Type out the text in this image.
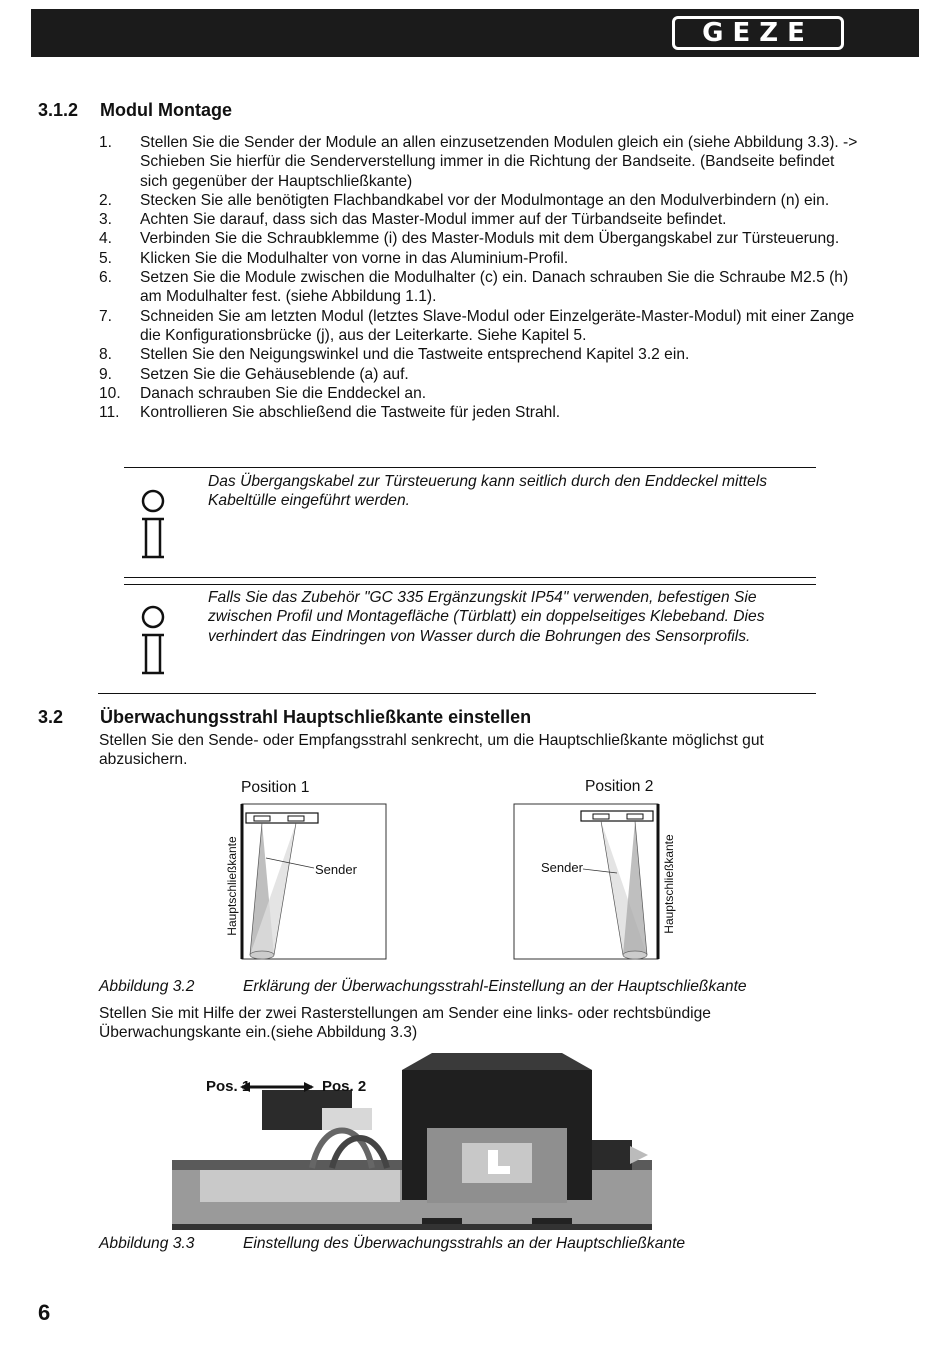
GEZE
3.1.2 Modul Montage
1. Stellen Sie die Sender der Module an allen einzusetzenden Modulen gleich ein (siehe Abbildung 3.3). -> Schieben Sie hierfür die Senderverstellung immer in die Richtung der Bandseite. (Bandseite befindet sich gegenüber der Hauptschließkante)
2. Stecken Sie alle benötigten Flachbandkabel vor der Modulmontage an den Modulverbindern (n) ein.
3. Achten Sie darauf, dass sich das Master-Modul immer auf der Türbandseite befindet.
4. Verbinden Sie die Schraubklemme (i) des Master-Moduls mit dem Übergangskabel zur Türsteuerung.
5. Klicken Sie die Modulhalter von vorne in das Aluminium-Profil.
6. Setzen Sie die Module zwischen die Modulhalter (c) ein. Danach schrauben Sie die Schraube M2.5 (h) am Modulhalter fest. (siehe Abbildung 1.1).
7. Schneiden Sie am letzten Modul (letztes Slave-Modul oder Einzelgeräte-Master-Modul) mit einer Zange die Konfigurationsbrücke (j), aus der Leiterkarte. Siehe Kapitel 5.
8. Stellen Sie den Neigungswinkel und die Tastweite entsprechend Kapitel 3.2 ein.
9. Setzen Sie die Gehäuseblende (a) auf.
10. Danach schrauben Sie die Enddeckel an.
11. Kontrollieren Sie abschließend die Tastweite für jeden Strahl.
Das Übergangskabel zur Türsteuerung kann seitlich durch den Enddeckel mittels Kabeltülle eingeführt werden.
Falls Sie das Zubehör "GC 335 Ergänzungskit IP54" verwenden, befestigen Sie zwischen Profil und Montagefläche (Türblatt) ein doppelseitiges Klebeband. Dies verhindert das Eindringen von Wasser durch die Bohrungen des Sensorprofils.
3.2 Überwachungsstrahl Hauptschließkante einstellen
Stellen Sie den Sende- oder Empfangsstrahl senkrecht, um die Hauptschließkante möglichst gut abzusichern.
Position 1	Position 2
Sender
Hauptschließkante	Sender	Hauptschließkante
Abbildung 3.2	Erklärung der Überwachungsstrahl-Einstellung an der Hauptschließkante
Stellen Sie mit Hilfe der zwei Rasterstellungen am Sender eine links- oder rechtsbündige Überwachungskante ein.(siehe Abbildung 3.3)
Pos. 1	Pos. 2
Abbildung 3.3	Einstellung des Überwachungsstrahls an der Hauptschließkante
6
